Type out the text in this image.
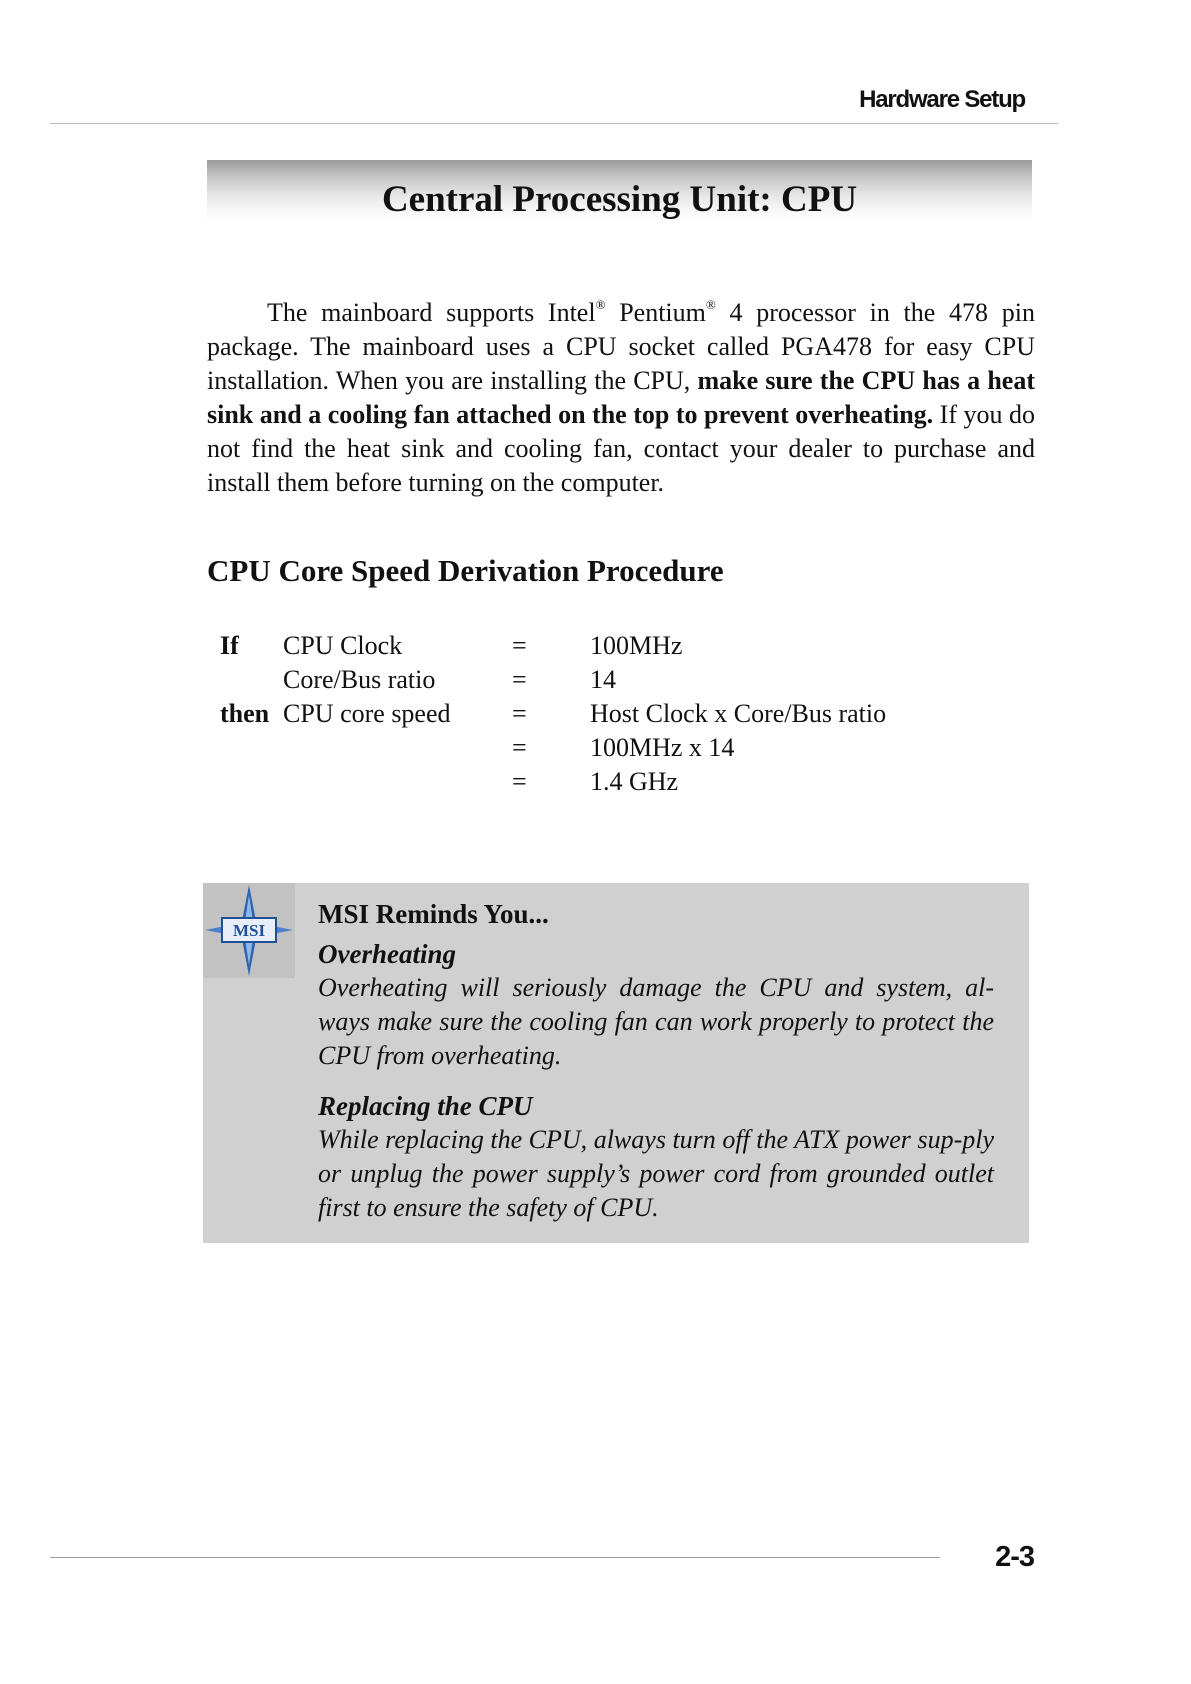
Hardware Setup
Central Processing Unit: CPU

The mainboard supports Intel® Pentium® 4 processor in the 478 pin package. The mainboard uses a CPU socket called PGA478 for easy CPU installation. When you are installing the CPU, make sure the CPU has a heat sink and a cooling fan attached on the top to prevent overheating. If you do not find the heat sink and cooling fan, contact your dealer to purchase and install them before turning on the computer.

CPU Core Speed Derivation Procedure
If CPU Clock	= 100MHz
Core/Bus ratio	= 14
then CPU core speed = Host Clock x Core/Bus ratio
= 100MHz x 14
= 1.4 GHz
MSI
MSI Reminds You...
Overheating

Overheating will seriously damage the CPU and system, al-ways make sure the cooling fan can work properly to protect the CPU from overheating.

Replacing the CPU

While replacing the CPU, always turn off the ATX power sup-ply or unplug the power supply’s power cord from grounded outlet first to ensure the safety of CPU.

2-3
